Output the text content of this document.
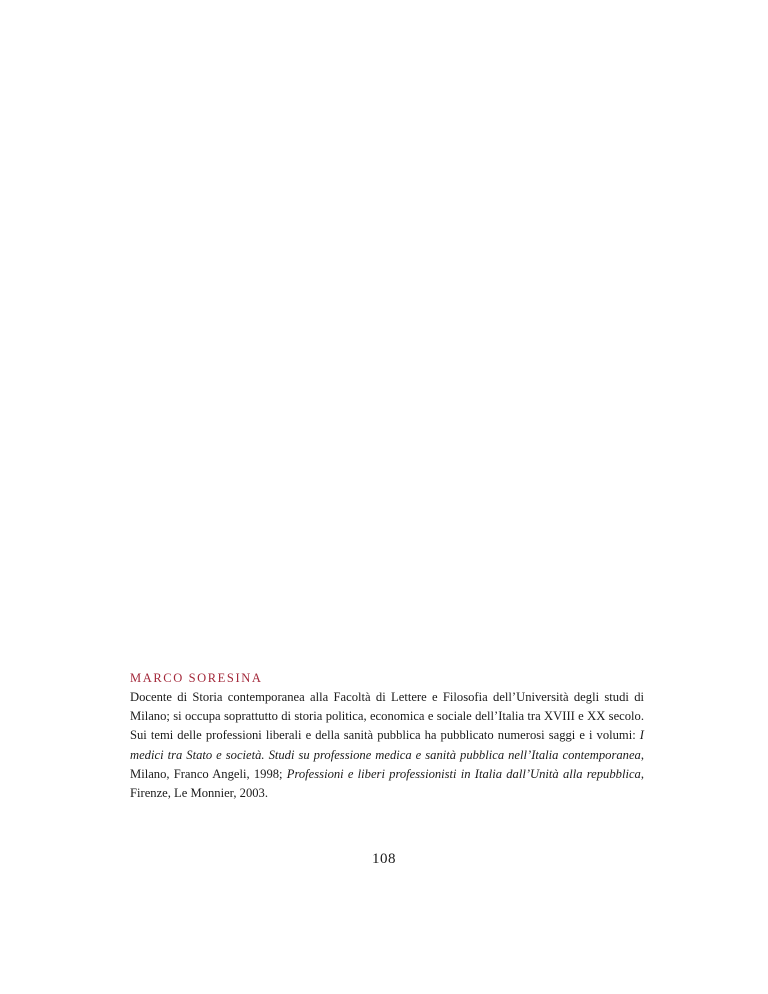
MARCO SORESINA

Docente di Storia contemporanea alla Facoltà di Lettere e Filosofia dell’Università degli studi di Milano; si occupa soprattutto di storia politica, economica e sociale dell’Italia tra XVIII e XX secolo. Sui temi delle professioni liberali e della sanità pubblica ha pubblicato numerosi saggi e i volumi: I medici tra Stato e società. Studi su professione medica e sanità pubblica nell’Italia contemporanea, Milano, Franco Angeli, 1998; Professioni e liberi professionisti in Italia dall’Unità alla repubblica, Firenze, Le Monnier, 2003.

108
